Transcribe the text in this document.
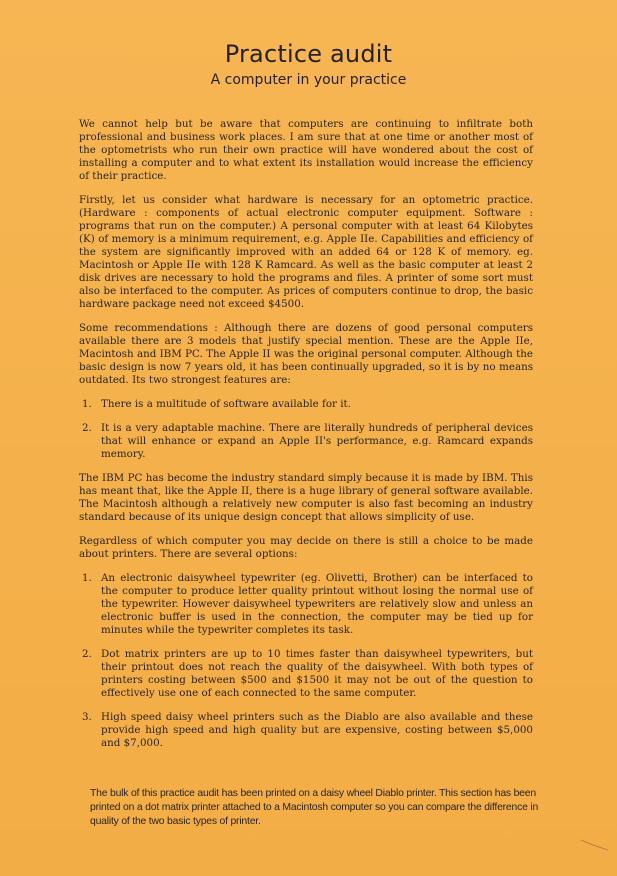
Practice audit
A computer in your practice

We cannot help but be aware that computers are continuing to infiltrate both professional and business work places. I am sure that at one time or another most of the optometrists who run their own practice will have wondered about the cost of installing a computer and to what extent its installation would increase the efficiency of their practice.

Firstly, let us consider what hardware is necessary for an optometric practice. (Hardware : components of actual electronic computer equipment. Software : programs that run on the computer.) A personal computer with at least 64 Kilobytes (K) of memory is a minimum requirement, e.g. Apple IIe. Capabilities and efficiency of the system are significantly improved with an added 64 or 128 K of memory. eg. Macintosh or Apple IIe with 128 K Ramcard. As well as the basic computer at least 2 disk drives are necessary to hold the programs and files. A printer of some sort must also be interfaced to the computer. As prices of computers continue to drop, the basic hardware package need not exceed $4500.

Some recommendations : Although there are dozens of good personal computers available there are 3 models that justify special mention. These are the Apple IIe, Macintosh and IBM PC. The Apple II was the original personal computer. Although the basic design is now 7 years old, it has been continually upgraded, so it is by no means outdated. Its two strongest features are:

1. There is a multitude of software available for it.
2. It is a very adaptable machine. There are literally hundreds of peripheral devices that will enhance or expand an Apple II's performance, e.g. Ramcard expands memory.

The IBM PC has become the industry standard simply because it is made by IBM. This has meant that, like the Apple II, there is a huge library of general software available. The Macintosh although a relatively new computer is also fast becoming an industry standard because of its unique design concept that allows simplicity of use.

Regardless of which computer you may decide on there is still a choice to be made about printers. There are several options:

1. An electronic daisywheel typewriter (eg. Olivetti, Brother) can be interfaced to the computer to produce letter quality printout without losing the normal use of the typewriter. However daisywheel typewriters are relatively slow and unless an electronic buffer is used in the connection, the computer may be tied up for minutes while the typewriter completes its task.
2. Dot matrix printers are up to 10 times faster than daisywheel typewriters, but their printout does not reach the quality of the daisywheel. With both types of printers costing between $500 and $1500 it may not be out of the question to effectively use one of each connected to the same computer.
3. High speed daisy wheel printers such as the Diablo are also available and these provide high speed and high quality but are expensive, costing between $5,000 and $7,000.
The bulk of this practice audit has been printed on a daisy wheel Diablo printer. This section has been printed on a dot matrix printer attached to a Macintosh computer so you can compare the difference in quality of the two basic types of printer.
